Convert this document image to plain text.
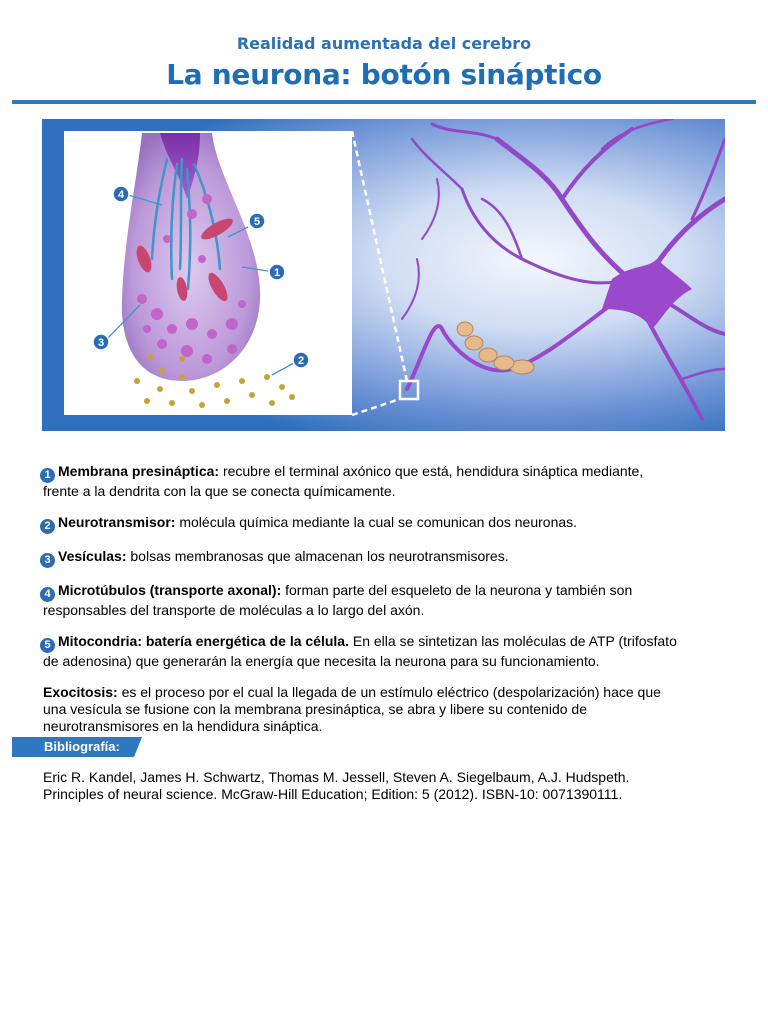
Realidad aumentada del cerebro
La neurona: botón sináptico
4
5
1
3
2

1 Membrana presináptica: recubre el terminal axónico que está, hendidura sináptica mediante,
frente a la dendrita con la que se conecta químicamente.

2 Neurotransmisor: molécula química mediante la cual se comunican dos neuronas.

3 Vesículas: bolsas membranosas que almacenan los neurotransmisores.

4 Microtúbulos (transporte axonal): forman parte del esqueleto de la neurona y también son
responsables del transporte de moléculas a lo largo del axón.

5 Mitocondria: batería energética de la célula. En ella se sintetizan las moléculas de ATP (trifosfato
de adenosina) que generarán la energía que necesita la neurona para su funcionamiento.

Exocitosis: es el proceso por el cual la llegada de un estímulo eléctrico (despolarización) hace que
una vesícula se fusione con la membrana presináptica, se abra y libere su contenido de
neurotransmisores en la hendidura sináptica.

Bibliografía:
Eric R. Kandel, James H. Schwartz, Thomas M. Jessell, Steven A. Siegelbaum, A.J. Hudspeth.
Principles of neural science. McGraw-Hill Education; Edition: 5 (2012). ISBN-10: 0071390111.
